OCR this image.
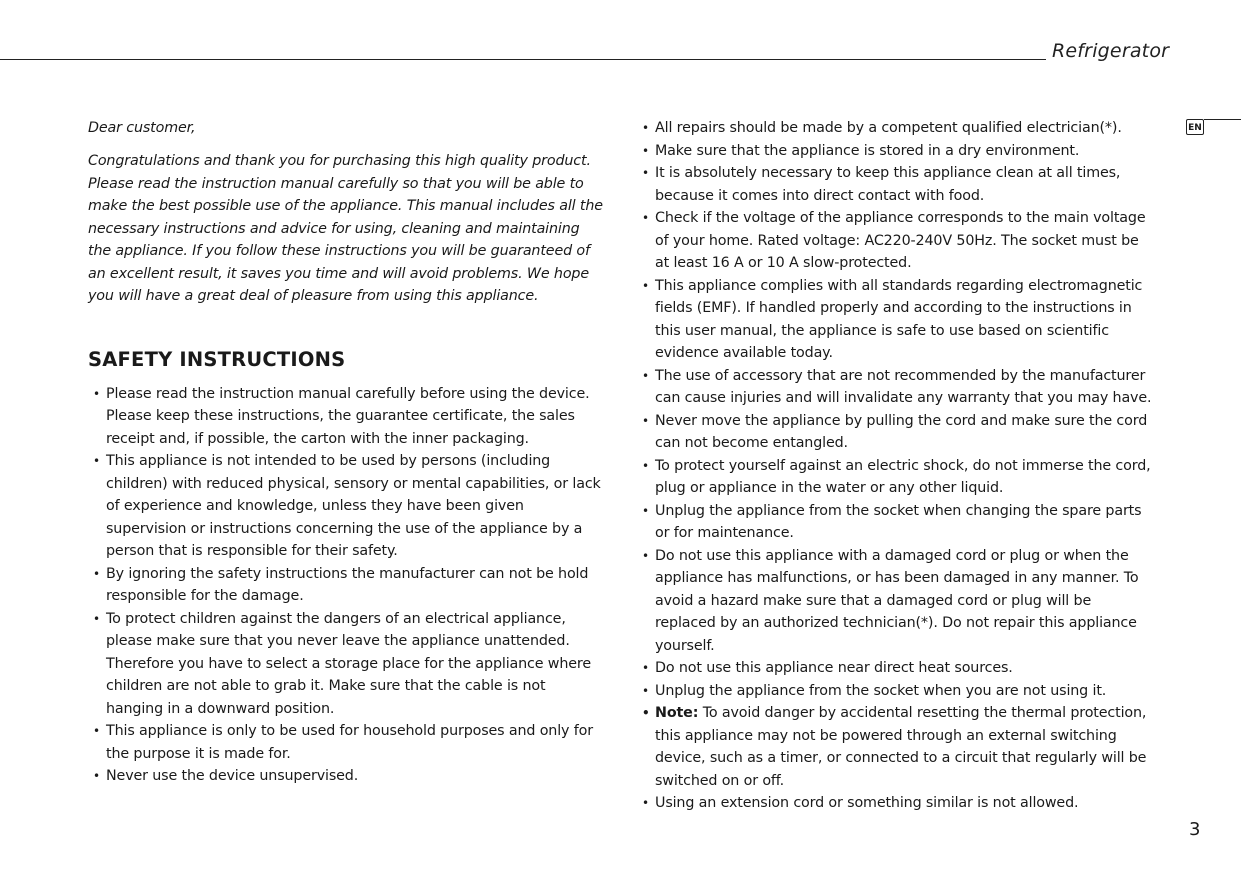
Refrigerator
EN

Dear customer,

Congratulations and thank you for purchasing this high quality product. Please read the instruction manual carefully so that you will be able to make the best possible use of the appliance. This manual includes all the necessary instructions and advice for using, cleaning and maintaining the appliance. If you follow these instructions you will be guaranteed of an excellent result, it saves you time and will avoid problems. We hope you will have a great deal of pleasure from using this appliance.

SAFETY INSTRUCTIONS
• Please read the instruction manual carefully before using the device. Please keep these instructions, the guarantee certificate, the sales receipt and, if possible, the carton with the inner packaging.
• This appliance is not intended to be used by persons (including children) with reduced physical, sensory or mental capabilities, or lack of experience and knowledge, unless they have been given supervision or instructions concerning the use of the appliance by a person that is responsible for their safety.
• By ignoring the safety instructions the manufacturer can not be hold responsible for the damage.
• To protect children against the dangers of an electrical appliance, please make sure that you never leave the appliance unattended. Therefore you have to select a storage place for the appliance where children are not able to grab it. Make sure that the cable is not hanging in a downward position.
• This appliance is only to be used for household purposes and only for the purpose it is made for.
• Never use the device unsupervised.
• All repairs should be made by a competent qualified electrician(*).
• Make sure that the appliance is stored in a dry environment.
• It is absolutely necessary to keep this appliance clean at all times, because it comes into direct contact with food.
• Check if the voltage of the appliance corresponds to the main voltage of your home. Rated voltage: AC220-240V 50Hz. The socket must be at least 16 A or 10 A slow-protected.
• This appliance complies with all standards regarding electromagnetic fields (EMF). If handled properly and according to the instructions in this user manual, the appliance is safe to use based on scientific evidence available today.
• The use of accessory that are not recommended by the manufacturer can cause injuries and will invalidate any warranty that you may have.
• Never move the appliance by pulling the cord and make sure the cord can not become entangled.
• To protect yourself against an electric shock, do not immerse the cord, plug or appliance in the water or any other liquid.
• Unplug the appliance from the socket when changing the spare parts or for maintenance.
• Do not use this appliance with a damaged cord or plug or when the appliance has malfunctions, or has been damaged in any manner. To avoid a hazard make sure that a damaged cord or plug will be replaced by an authorized technician(*). Do not repair this appliance yourself.
• Do not use this appliance near direct heat sources.
• Unplug the appliance from the socket when you are not using it.
• Note: To avoid danger by accidental resetting the thermal protection, this appliance may not be powered through an external switching device, such as a timer, or connected to a circuit that regularly will be switched on or off.
• Using an extension cord or something similar is not allowed.
3
